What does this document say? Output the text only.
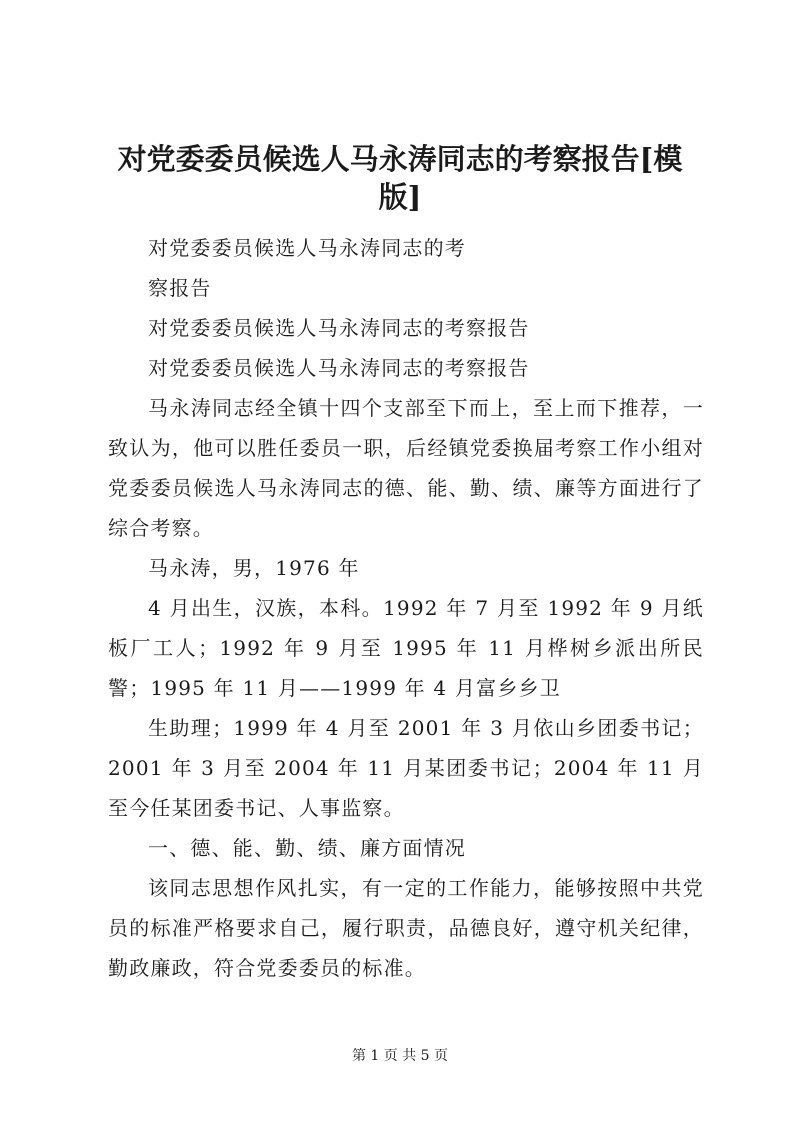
对党委委员候选人马永涛同志的考察报告[模版]

对党委委员候选人马永涛同志的考

察报告

对党委委员候选人马永涛同志的考察报告

对党委委员候选人马永涛同志的考察报告

马永涛同志经全镇十四个支部至下而上，至上而下推荐，一致认为，他可以胜任委员一职，后经镇党委换届考察工作小组对党委委员候选人马永涛同志的德、能、勤、绩、廉等方面进行了综合考察。

马永涛，男，1976 年

4 月出生，汉族，本科。1992 年 7 月至 1992 年 9 月纸板厂工人；1992 年 9 月至 1995 年 11 月桦树乡派出所民警；1995 年 11 月——1999 年 4 月富乡乡卫

生助理；1999 年 4 月至 2001 年 3 月依山乡团委书记；2001 年 3 月至 2004 年 11 月某团委书记；2004 年 11 月至今任某团委书记、人事监察。

一、德、能、勤、绩、廉方面情况

该同志思想作风扎实，有一定的工作能力，能够按照中共党员的标准严格要求自己，履行职责，品德良好，遵守机关纪律，勤政廉政，符合党委委员的标准。

第 1 页 共 5 页
